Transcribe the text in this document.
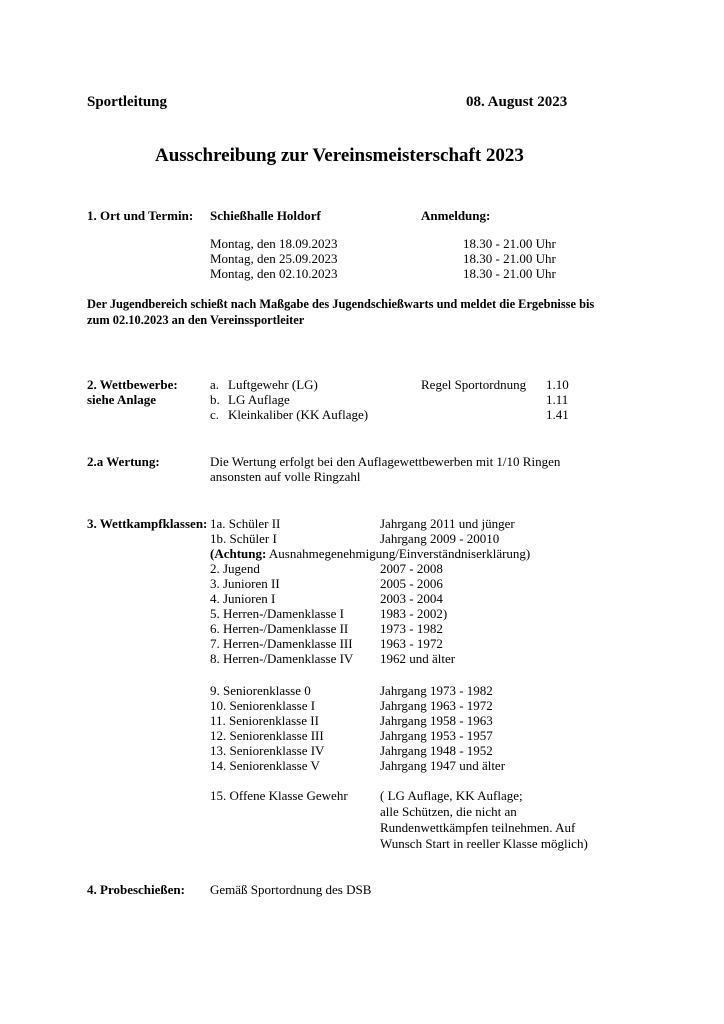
Sportleitung	08. August 2023
Ausschreibung zur Vereinsmeisterschaft 2023
1. Ort und Termin: Schießhalle Holdorf	Anmeldung:
Montag, den 18.09.2023	18.30 - 21.00 Uhr
Montag, den 25.09.2023	18.30 - 21.00 Uhr
Montag, den 02.10.2023	18.30 - 21.00 Uhr
Der Jugendbereich schießt nach Maßgabe des Jugendschießwarts und meldet die Ergebnisse bis
zum 02.10.2023 an den Vereinssportleiter
2. Wettbewerbe:
siehe Anlage
a. Luftgewehr (LG)	Regel Sportordnung 1.10
b. LG Auflage	1.11
c. Kleinkaliber (KK Auflage)	1.41
2.a Wertung:	Die Wertung erfolgt bei den Auflagewettbewerben mit 1/10 Ringen
ansonsten auf volle Ringzahl
3. Wettkampfklassen: 1a. Schüler II	Jahrgang 2011 und jünger
1b. Schüler I	Jahrgang 2009 - 20010
(Achtung: Ausnahmegenehmigung/Einverständniserklärung)
2. Jugend	2007 - 2008
3. Junioren II	2005 - 2006
4. Junioren I	2003 - 2004
5. Herren-/Damenklasse I	1983 - 2002)
6. Herren-/Damenklasse II 1973 - 1982
7. Herren-/Damenklasse III 1963 - 1972
8. Herren-/Damenklasse IV 1962 und älter
9. Seniorenklasse 0	Jahrgang 1973 - 1982
10. Seniorenklasse I	Jahrgang 1963 - 1972
11. Seniorenklasse II	Jahrgang 1958 - 1963
12. Seniorenklasse III	Jahrgang 1953 - 1957
13. Seniorenklasse IV	Jahrgang 1948 - 1952
14. Seniorenklasse V	Jahrgang 1947 und älter
15. Offene Klasse Gewehr ( LG Auflage, KK Auflage;
alle Schützen, die nicht an
Rundenwettkämpfen teilnehmen. Auf
Wunsch Start in reeller Klasse möglich)
4. Probeschießen: Gemäß Sportordnung des DSB
